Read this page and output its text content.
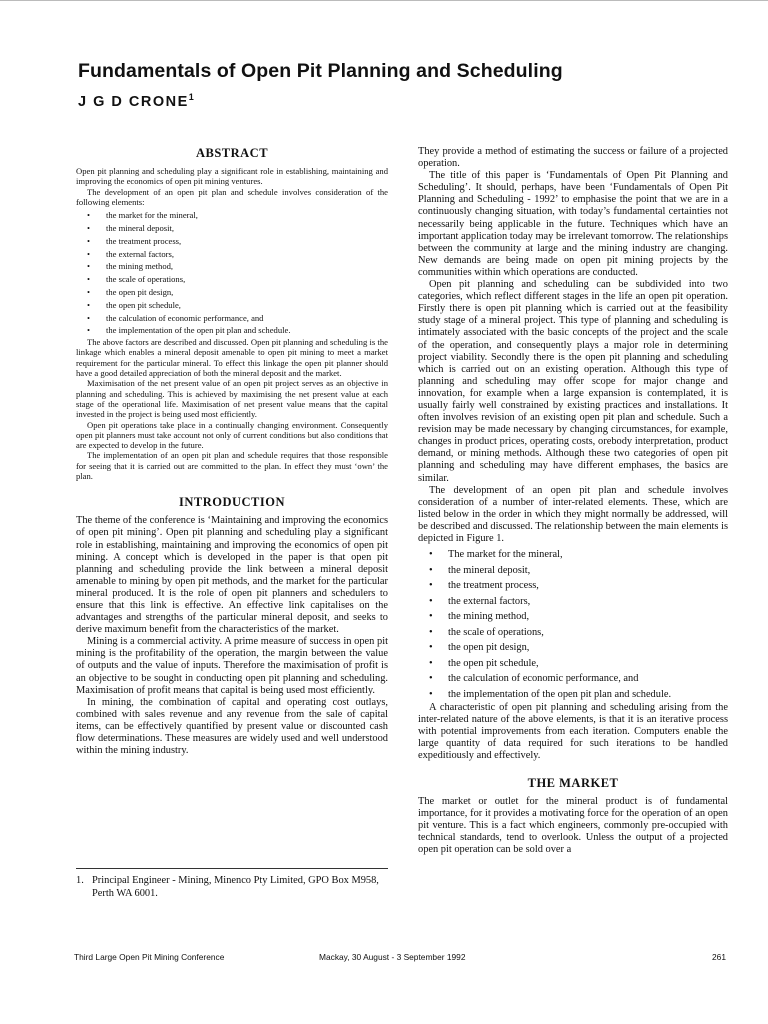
Fundamentals of Open Pit Planning and Scheduling

J G D CRONE$^1$

ABSTRACT

Open pit planning and scheduling play a significant role in establishing, maintaining and improving the economics of open pit mining ventures.

The development of an open pit plan and schedule involves consideration of the following elements:

• the market for the mineral,
• the mineral deposit,
• the treatment process,
• the external factors,
• the mining method,
• the scale of operations,
• the open pit design,
• the open pit schedule,
• the calculation of economic performance, and
• the implementation of the open pit plan and schedule.

The above factors are described and discussed. Open pit planning and scheduling is the linkage which enables a mineral deposit amenable to open pit mining to meet a market requirement for the particular mineral. To effect this linkage the open pit planner should have a good detailed appreciation of both the mineral deposit and the market.

Maximisation of the net present value of an open pit project serves as an objective in planning and scheduling. This is achieved by maximising the net present value at each stage of the operational life. Maximisation of net present value means that the capital invested in the project is being used most efficiently.

Open pit operations take place in a continually changing environment. Consequently open pit planners must take account not only of current conditions but also conditions that are expected to develop in the future.

The implementation of an open pit plan and schedule requires that those responsible for seeing that it is carried out are committed to the plan. In effect they must ‘own’ the plan.

INTRODUCTION

The theme of the conference is ‘Maintaining and improving the economics of open pit mining’. Open pit planning and scheduling play a significant role in establishing, maintaining and improving the economics of open pit mining. A concept which is developed in the paper is that open pit planning and scheduling provide the link between a mineral deposit amenable to mining by open pit methods, and the market for the particular mineral produced. It is the role of open pit planners and schedulers to ensure that this link is effective. An effective link capitalises on the advantages and strengths of the particular mineral deposit, and seeks to derive maximum benefit from the characteristics of the market.

Mining is a commercial activity. A prime measure of success in open pit mining is the profitability of the operation, the margin between the value of outputs and the value of inputs. Therefore the maximisation of profit is an objective to be sought in conducting open pit planning and scheduling. Maximisation of profit means that capital is being used most efficiently.

In mining, the combination of capital and operating cost outlays, combined with sales revenue and any revenue from the sale of capital items, can be effectively quantified by present value or discounted cash flow determinations. These measures are widely used and well understood within the mining industry.

They provide a method of estimating the success or failure of a projected operation.

The title of this paper is ‘Fundamentals of Open Pit Planning and Scheduling’. It should, perhaps, have been ‘Fundamentals of Open Pit Planning and Scheduling - 1992’ to emphasise the point that we are in a continuously changing situation, with today’s fundamental certainties not necessarily being applicable in the future. Techniques which have an important application today may be irrelevant tomorrow. The relationships between the community at large and the mining industry are changing. New demands are being made on open pit mining projects by the communities within which operations are conducted.

Open pit planning and scheduling can be subdivided into two categories, which reflect different stages in the life an open pit operation. Firstly there is open pit planning which is carried out at the feasibility study stage of a mineral project. This type of planning and scheduling is intimately associated with the basic concepts of the project and the scale of the operation, and consequently plays a major role in determining project viability. Secondly there is the open pit planning and scheduling which is carried out on an existing operation. Although this type of planning and scheduling may offer scope for major change and innovation, for example when a large expansion is contemplated, it is usually fairly well constrained by existing practices and installations. It often involves revision of an existing open pit plan and schedule. Such a revision may be made necessary by changing circumstances, for example, changes in product prices, operating costs, orebody interpretation, product demand, or mining methods. Although these two categories of open pit planning and scheduling may have different emphases, the basics are similar.

The development of an open pit plan and schedule involves consideration of a number of inter-related elements. These, which are listed below in the order in which they might normally be addressed, will be described and discussed. The relationship between the main elements is depicted in Figure 1.

• The market for the mineral,
• the mineral deposit,
• the treatment process,
• the external factors,
• the mining method,
• the scale of operations,
• the open pit design,
• the open pit schedule,
• the calculation of economic performance, and
• the implementation of the open pit plan and schedule.

A characteristic of open pit planning and scheduling arising from the inter-related nature of the above elements, is that it is an iterative process with potential improvements from each iteration. Computers enable the large quantity of data required for such iterations to be handled expeditiously and effectively.

THE MARKET

The market or outlet for the mineral product is of fundamental importance, for it provides a motivating force for the operation of an open pit venture. This is a fact which engineers, commonly pre-occupied with technical standards, tend to overlook. Unless the output of a projected open pit operation can be sold over a

1. Principal Engineer - Mining, Minenco Pty Limited, GPO Box M958, Perth WA 6001.
Third Large Open Pit Mining Conference	Mackay, 30 August - 3 September 1992	261
